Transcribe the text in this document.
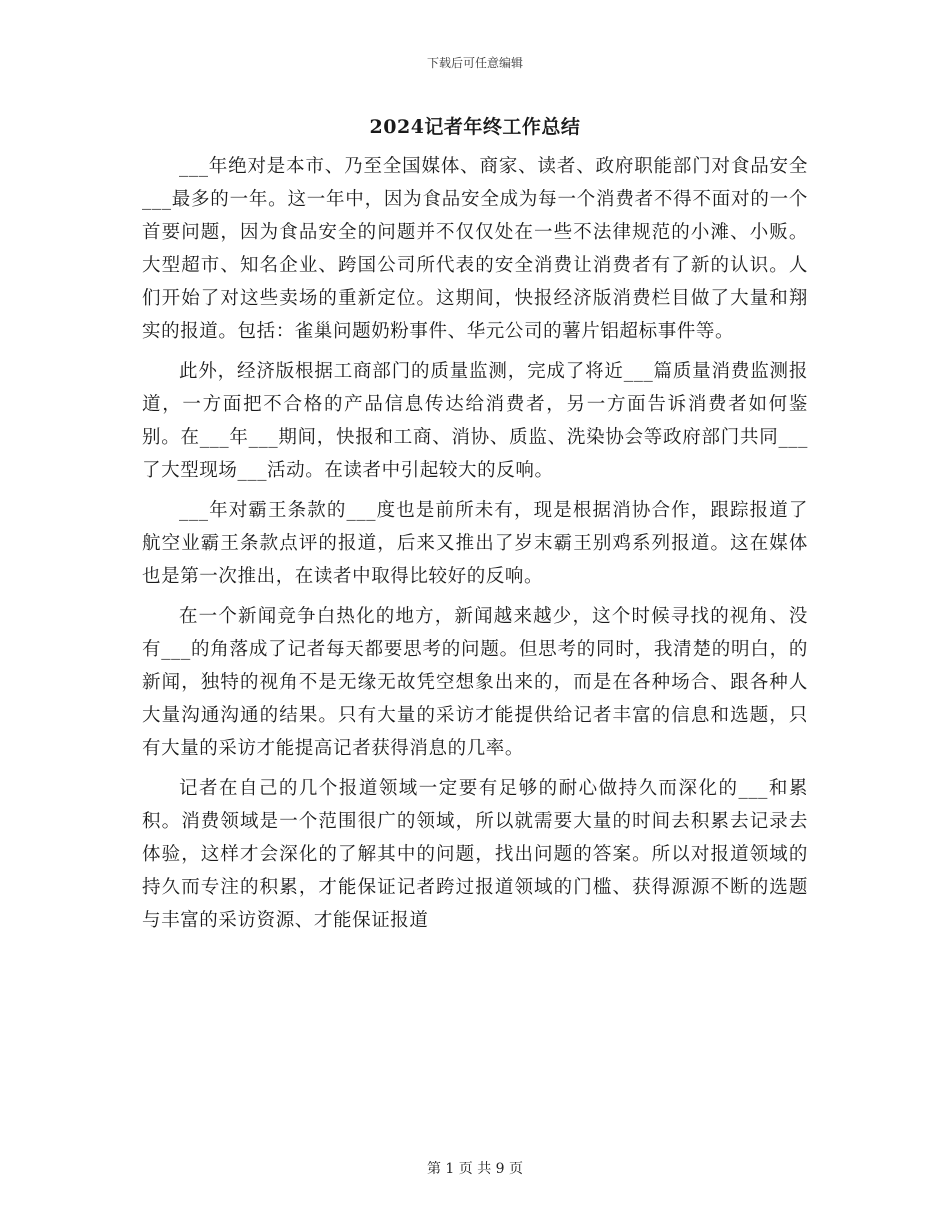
下载后可任意编辑
2024记者年终工作总结

___年绝对是本市、乃至全国媒体、商家、读者、政府职能部门对食品安全___最多的一年。这一年中，因为食品安全成为每一个消费者不得不面对的一个首要问题，因为食品安全的问题并不仅仅处在一些不法律规范的小滩、小贩。大型超市、知名企业、跨国公司所代表的安全消费让消费者有了新的认识。人们开始了对这些卖场的重新定位。这期间，快报经济版消费栏目做了大量和翔实的报道。包括：雀巢问题奶粉事件、华元公司的薯片铝超标事件等。

此外，经济版根据工商部门的质量监测，完成了将近___篇质量消费监测报道，一方面把不合格的产品信息传达给消费者，另一方面告诉消费者如何鉴别。在___年___期间，快报和工商、消协、质监、洗染协会等政府部门共同___了大型现场___活动。在读者中引起较大的反响。

___年对霸王条款的___度也是前所未有，现是根据消协合作，跟踪报道了航空业霸王条款点评的报道，后来又推出了岁末霸王别鸡系列报道。这在媒体也是第一次推出，在读者中取得比较好的反响。

在一个新闻竞争白热化的地方，新闻越来越少，这个时候寻找的视角、没有___的角落成了记者每天都要思考的问题。但思考的同时，我清楚的明白，的新闻，独特的视角不是无缘无故凭空想象出来的，而是在各种场合、跟各种人大量沟通沟通的结果。只有大量的采访才能提供给记者丰富的信息和选题，只有大量的采访才能提高记者获得消息的几率。

记者在自己的几个报道领域一定要有足够的耐心做持久而深化的___和累积。消费领域是一个范围很广的领域，所以就需要大量的时间去积累去记录去体验，这样才会深化的了解其中的问题，找出问题的答案。所以对报道领域的持久而专注的积累，才能保证记者跨过报道领域的门槛、获得源源不断的选题与丰富的采访资源、才能保证报道

第 1 页 共 9 页
